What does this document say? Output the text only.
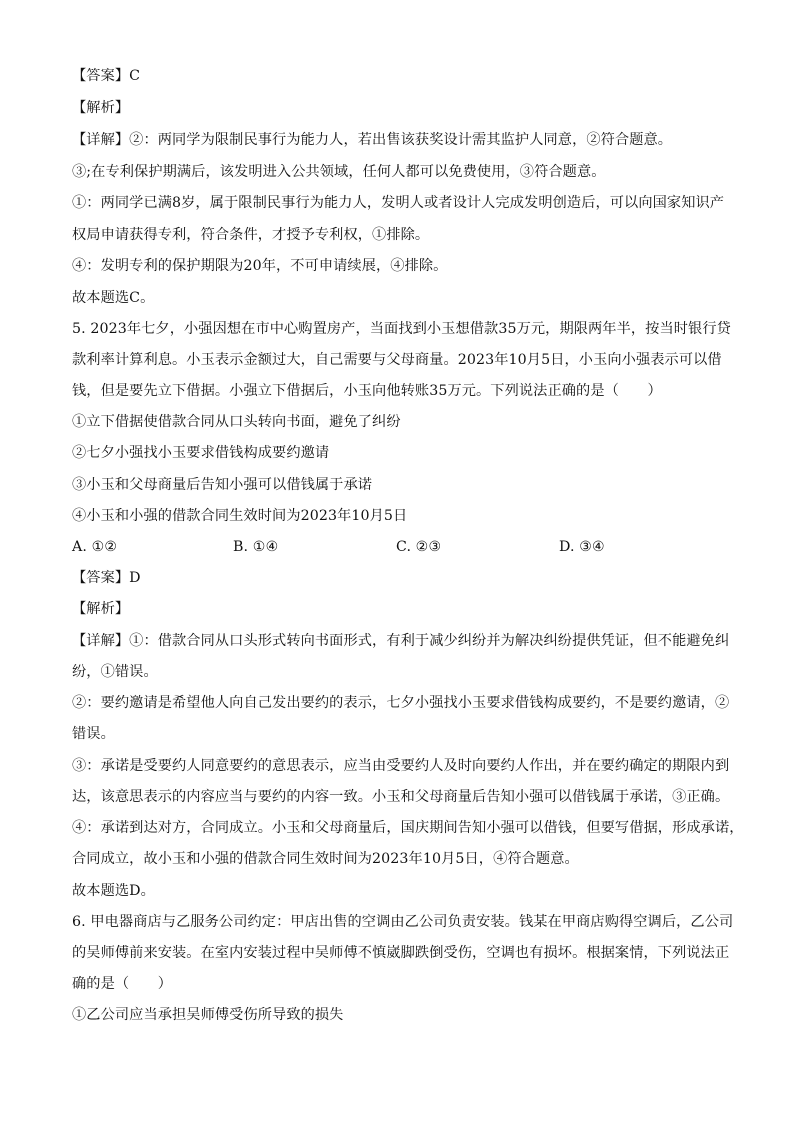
【答案】C
【解析】
【详解】②：两同学为限制民事行为能力人，若出售该获奖设计需其监护人同意，②符合题意。
③;在专利保护期满后，该发明进入公共领域，任何人都可以免费使用，③符合题意。
①：两同学已满8岁，属于限制民事行为能力人，发明人或者设计人完成发明创造后，可以向国家知识产
权局申请获得专利，符合条件，才授予专利权，①排除。
④：发明专利的保护期限为20年，不可申请续展，④排除。
故本题选C。
5. 2023年七夕，小强因想在市中心购置房产，当面找到小玉想借款35万元，期限两年半，按当时银行贷
款利率计算利息。小玉表示金额过大，自己需要与父母商量。2023年10月5日，小玉向小强表示可以借
钱，但是要先立下借据。小强立下借据后，小玉向他转账35万元。下列说法正确的是（　　）
①立下借据使借款合同从口头转向书面，避免了纠纷
②七夕小强找小玉要求借钱构成要约邀请
③小玉和父母商量后告知小强可以借钱属于承诺
④小玉和小强的借款合同生效时间为2023年10月5日
A. ①②	B. ①④	C. ②③	D. ③④
【答案】D
【解析】
【详解】①：借款合同从口头形式转向书面形式，有利于减少纠纷并为解决纠纷提供凭证，但不能避免纠
纷，①错误。
②：要约邀请是希望他人向自己发出要约的表示，七夕小强找小玉要求借钱构成要约，不是要约邀请，②
错误。
③：承诺是受要约人同意要约的意思表示，应当由受要约人及时向要约人作出，并在要约确定的期限内到
达，该意思表示的内容应当与要约的内容一致。小玉和父母商量后告知小强可以借钱属于承诺，③正确。
④：承诺到达对方，合同成立。小玉和父母商量后，国庆期间告知小强可以借钱，但要写借据，形成承诺，
合同成立，故小玉和小强的借款合同生效时间为2023年10月5日，④符合题意。
故本题选D。
6. 甲电器商店与乙服务公司约定：甲店出售的空调由乙公司负责安装。钱某在甲商店购得空调后，乙公司
的吴师傅前来安装。在室内安装过程中吴师傅不慎崴脚跌倒受伤，空调也有损坏。根据案情，下列说法正
确的是（　　）
①乙公司应当承担吴师傅受伤所导致的损失
